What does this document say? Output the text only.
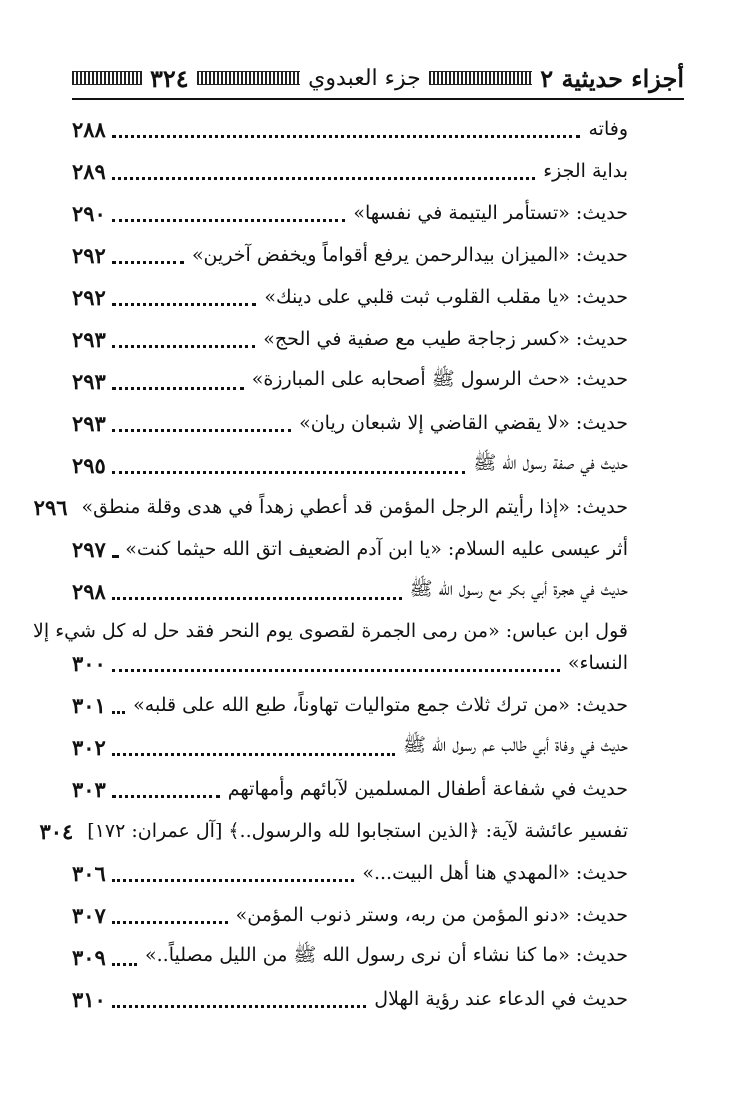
أجزاء حديثية ٢
جزء العبدوي
٣٢٤
وفاته
٢٨٨
بداية الجزء
٢٨٩
حديث: «تستأمر اليتيمة في نفسها»
٢٩٠
حديث: «الميزان بيدالرحمن يرفع أقواماً ويخفض آخرين»
٢٩٢
حديث: «يا مقلب القلوب ثبت قلبي على دينك»
٢٩٢
حديث: «كسر زجاجة طيب مع صفية في الحج»
٢٩٣
حديث: «حث الرسول ﷺ أصحابه على المبارزة»
٢٩٣
حديث: «لا يقضي القاضي إلا شبعان ريان»
٢٩٣
حديث في صفة رسول الله ﷺ
٢٩٥
حديث: «إذا رأيتم الرجل المؤمن قد أعطي زهداً في هدى وقلة منطق»
٢٩٦
أثر عيسى عليه السلام: «يا ابن آدم الضعيف اتق الله حيثما كنت»
٢٩٧
حديث في هجرة أبي بكر مع رسول الله ﷺ
٢٩٨
قول ابن عباس: «من رمى الجمرة لقصوى يوم النحر فقد حل له كل شيء إلا
النساء»
٣٠٠
حديث: «من ترك ثلاث جمع متواليات تهاوناً، طبع الله على قلبه»
٣٠١
حديث في وفاة أبي طالب عم رسول الله ﷺ
٣٠٢
حديث في شفاعة أطفال المسلمين لآبائهم وأمهاتهم
٣٠٣
تفسير عائشة لآية: ﴿الذين استجابوا لله والرسول..﴾ [آل عمران: ١٧٢]
٣٠٤
حديث: «المهدي هنا أهل البيت...»
٣٠٦
حديث: «دنو المؤمن من ربه، وستر ذنوب المؤمن»
٣٠٧
حديث: «ما كنا نشاء أن نرى رسول الله ﷺ من الليل مصلياً..»
٣٠٩
حديث في الدعاء عند رؤية الهلال
٣١٠
